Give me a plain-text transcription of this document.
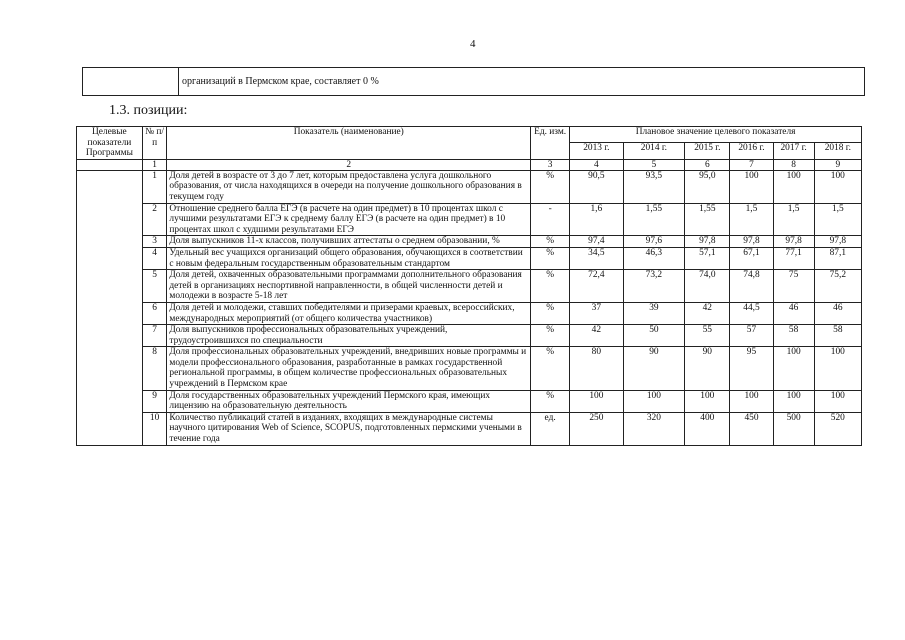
4
	организаций в Пермском крае, составляет 0 %
1.3. позиции:
Целевые показатели Программы	№ п/п	Показатель (наименование)	Ед. изм.	Плановое значение целевого показателя					
				2013 г.	2014 г.	2015 г.	2016 г.	2017 г.	2018 г.
	1	2	3	4	5	6	7	8	9
	1	Доля детей в возрасте от 3 до 7 лет, которым предоставлена услуга дошкольного образования, от числа находящихся в очереди на получение дошкольного образования в текущем году	%	90,5	93,5	95,0	100	100	100
	2	Отношение среднего балла ЕГЭ (в расчете на один предмет) в 10 процентах школ с лучшими результатами ЕГЭ к среднему баллу ЕГЭ (в расчете на один предмет) в 10 процентах школ с худшими результатами ЕГЭ	-	1,6	1,55	1,55	1,5	1,5	1,5
	3	Доля выпускников 11-х классов, получивших аттестаты о среднем образовании, %	%	97,4	97,6	97,8	97,8	97,8	97,8
	4	Удельный вес учащихся организаций общего образования, обучающихся в соответствии с новым федеральным государственным образовательным стандартом	%	34,5	46,3	57,1	67,1	77,1	87,1
	5	Доля детей, охваченных образовательными программами дополнительного образования детей в организациях неспортивной направленности, в общей численности детей и молодежи в возрасте 5-18 лет	%	72,4	73,2	74,0	74,8	75	75,2
	6	Доля детей и молодежи, ставших победителями и призерами краевых, всероссийских, международных мероприятий (от общего количества участников)	%	37	39	42	44,5	46	46
	7	Доля выпускников профессиональных образовательных учреждений, трудоустроившихся по специальности	%	42	50	55	57	58	58
	8	Доля профессиональных образовательных учреждений, внедривших новые программы и модели профессионального образования, разработанные в рамках государственной региональной программы, в общем количестве профессиональных образовательных учреждений в Пермском крае	%	80	90	90	95	100	100
	9	Доля государственных образовательных учреждений Пермского края, имеющих лицензию на образовательную деятельность	%	100	100	100	100	100	100
	10	Количество публикаций статей в изданиях, входящих в международные системы научного цитирования Web of Science, SCOPUS, подготовленных пермскими учеными в течение года	ед.	250	320	400	450	500	520
